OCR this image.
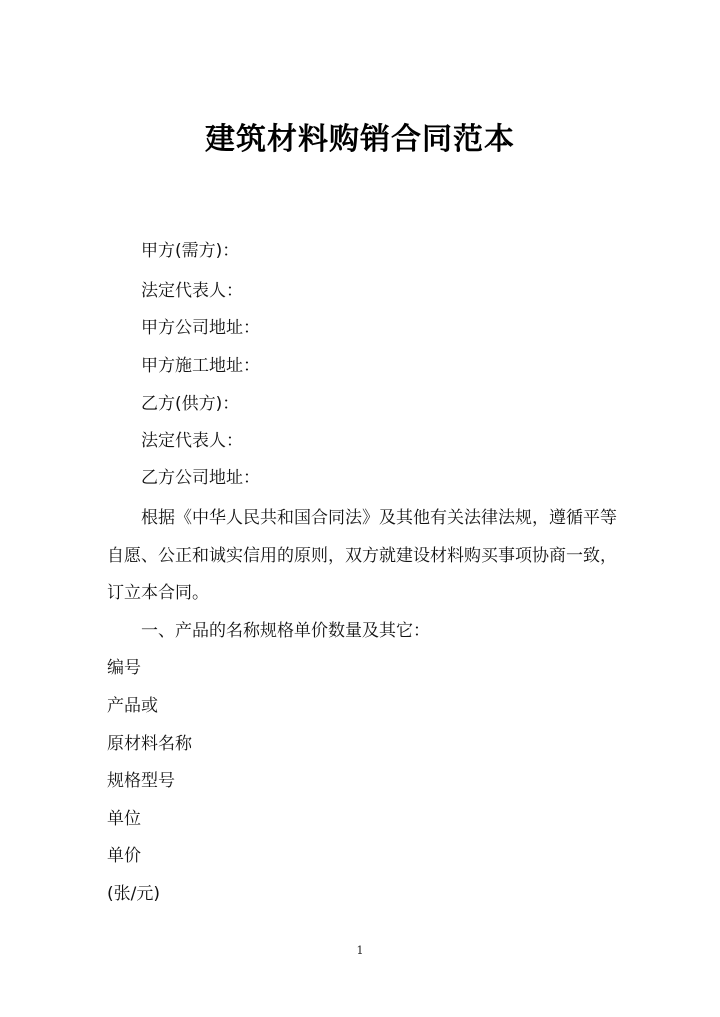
建筑材料购销合同范本
甲方(需方)：
法定代表人：
甲方公司地址：
甲方施工地址：
乙方(供方)：
法定代表人：
乙方公司地址：
根据《中华人民共和国合同法》及其他有关法律法规，遵循平等
自愿、公正和诚实信用的原则，双方就建设材料购买事项协商一致，
订立本合同。
一、产品的名称规格单价数量及其它：
编号
产品或
原材料名称
规格型号
单位
单价
(张/元)
1
